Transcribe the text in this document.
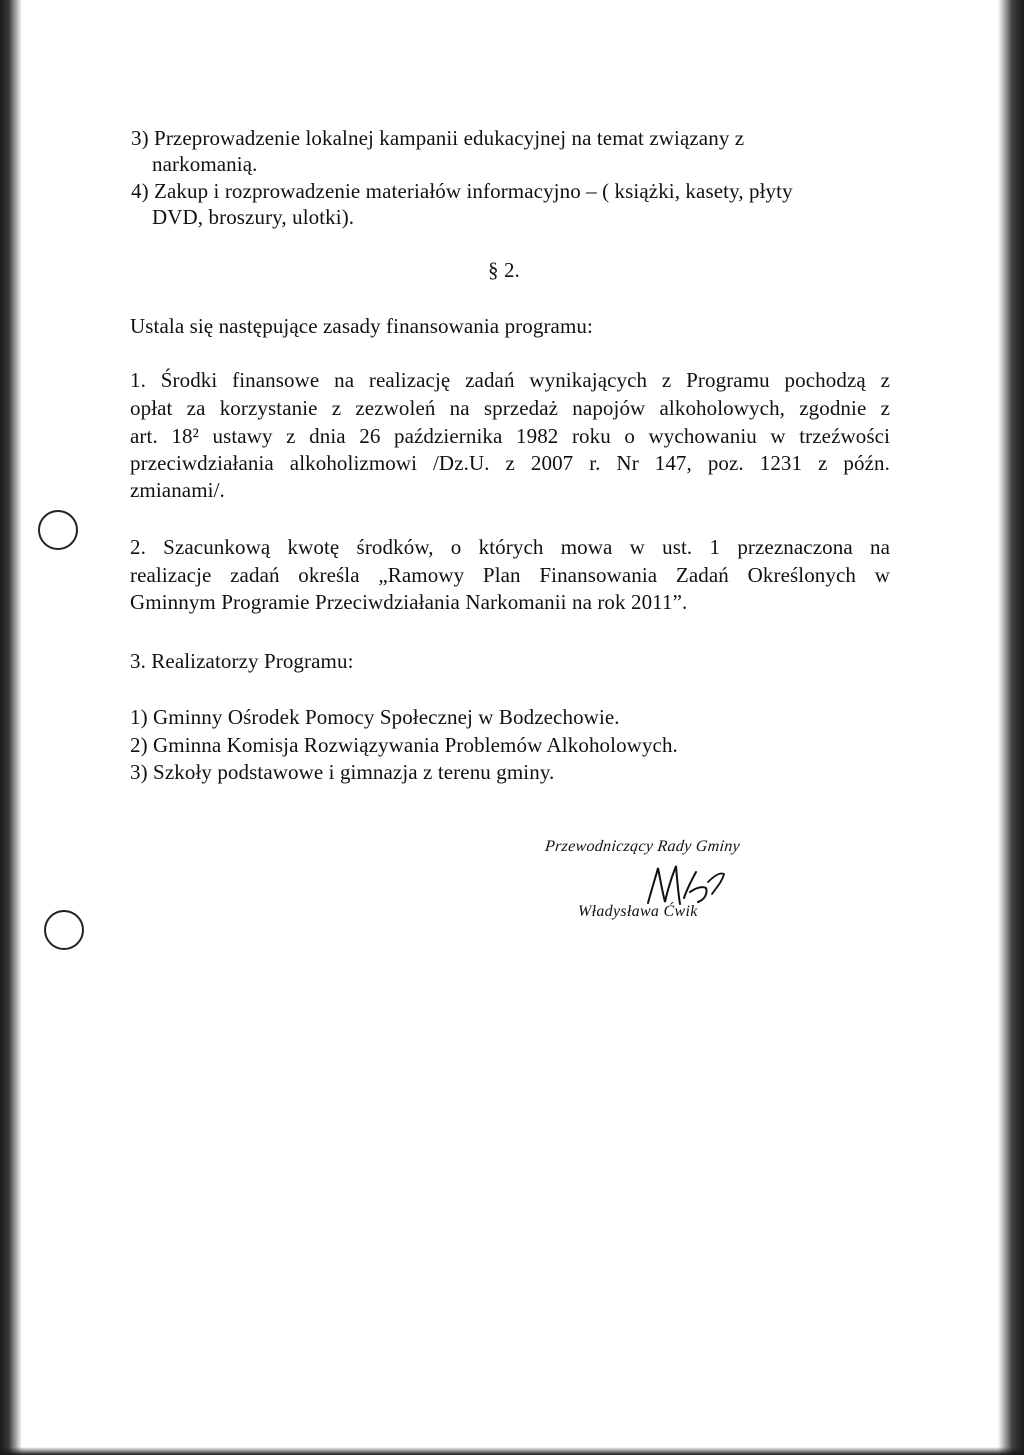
3) Przeprowadzenie lokalnej kampanii edukacyjnej na temat związany z
narkomanią.
4) Zakup i rozprowadzenie materiałów informacyjno – ( książki, kasety, płyty
DVD, broszury, ulotki).
§ 2.
Ustala się następujące zasady finansowania programu:
1. Środki finansowe na realizację zadań wynikających z Programu pochodzą z
opłat za korzystanie z zezwoleń na sprzedaż napojów alkoholowych, zgodnie z
art. 18² ustawy z dnia 26 października 1982 roku o wychowaniu w trzeźwości
przeciwdziałania alkoholizmowi /Dz.U. z 2007 r. Nr 147, poz. 1231 z późn.
zmianami/.
2. Szacunkową kwotę środków, o których mowa w ust. 1 przeznaczona na
realizacje zadań określa „Ramowy Plan Finansowania Zadań Określonych w
Gminnym Programie Przeciwdziałania Narkomanii na rok 2011”.
3. Realizatorzy Programu:
1) Gminny Ośrodek Pomocy Społecznej w Bodzechowie.
2) Gminna Komisja Rozwiązywania Problemów Alkoholowych.
3) Szkoły podstawowe i gimnazja z terenu gminy.
Przewodniczący Rady Gminy
Władysława Ćwik
